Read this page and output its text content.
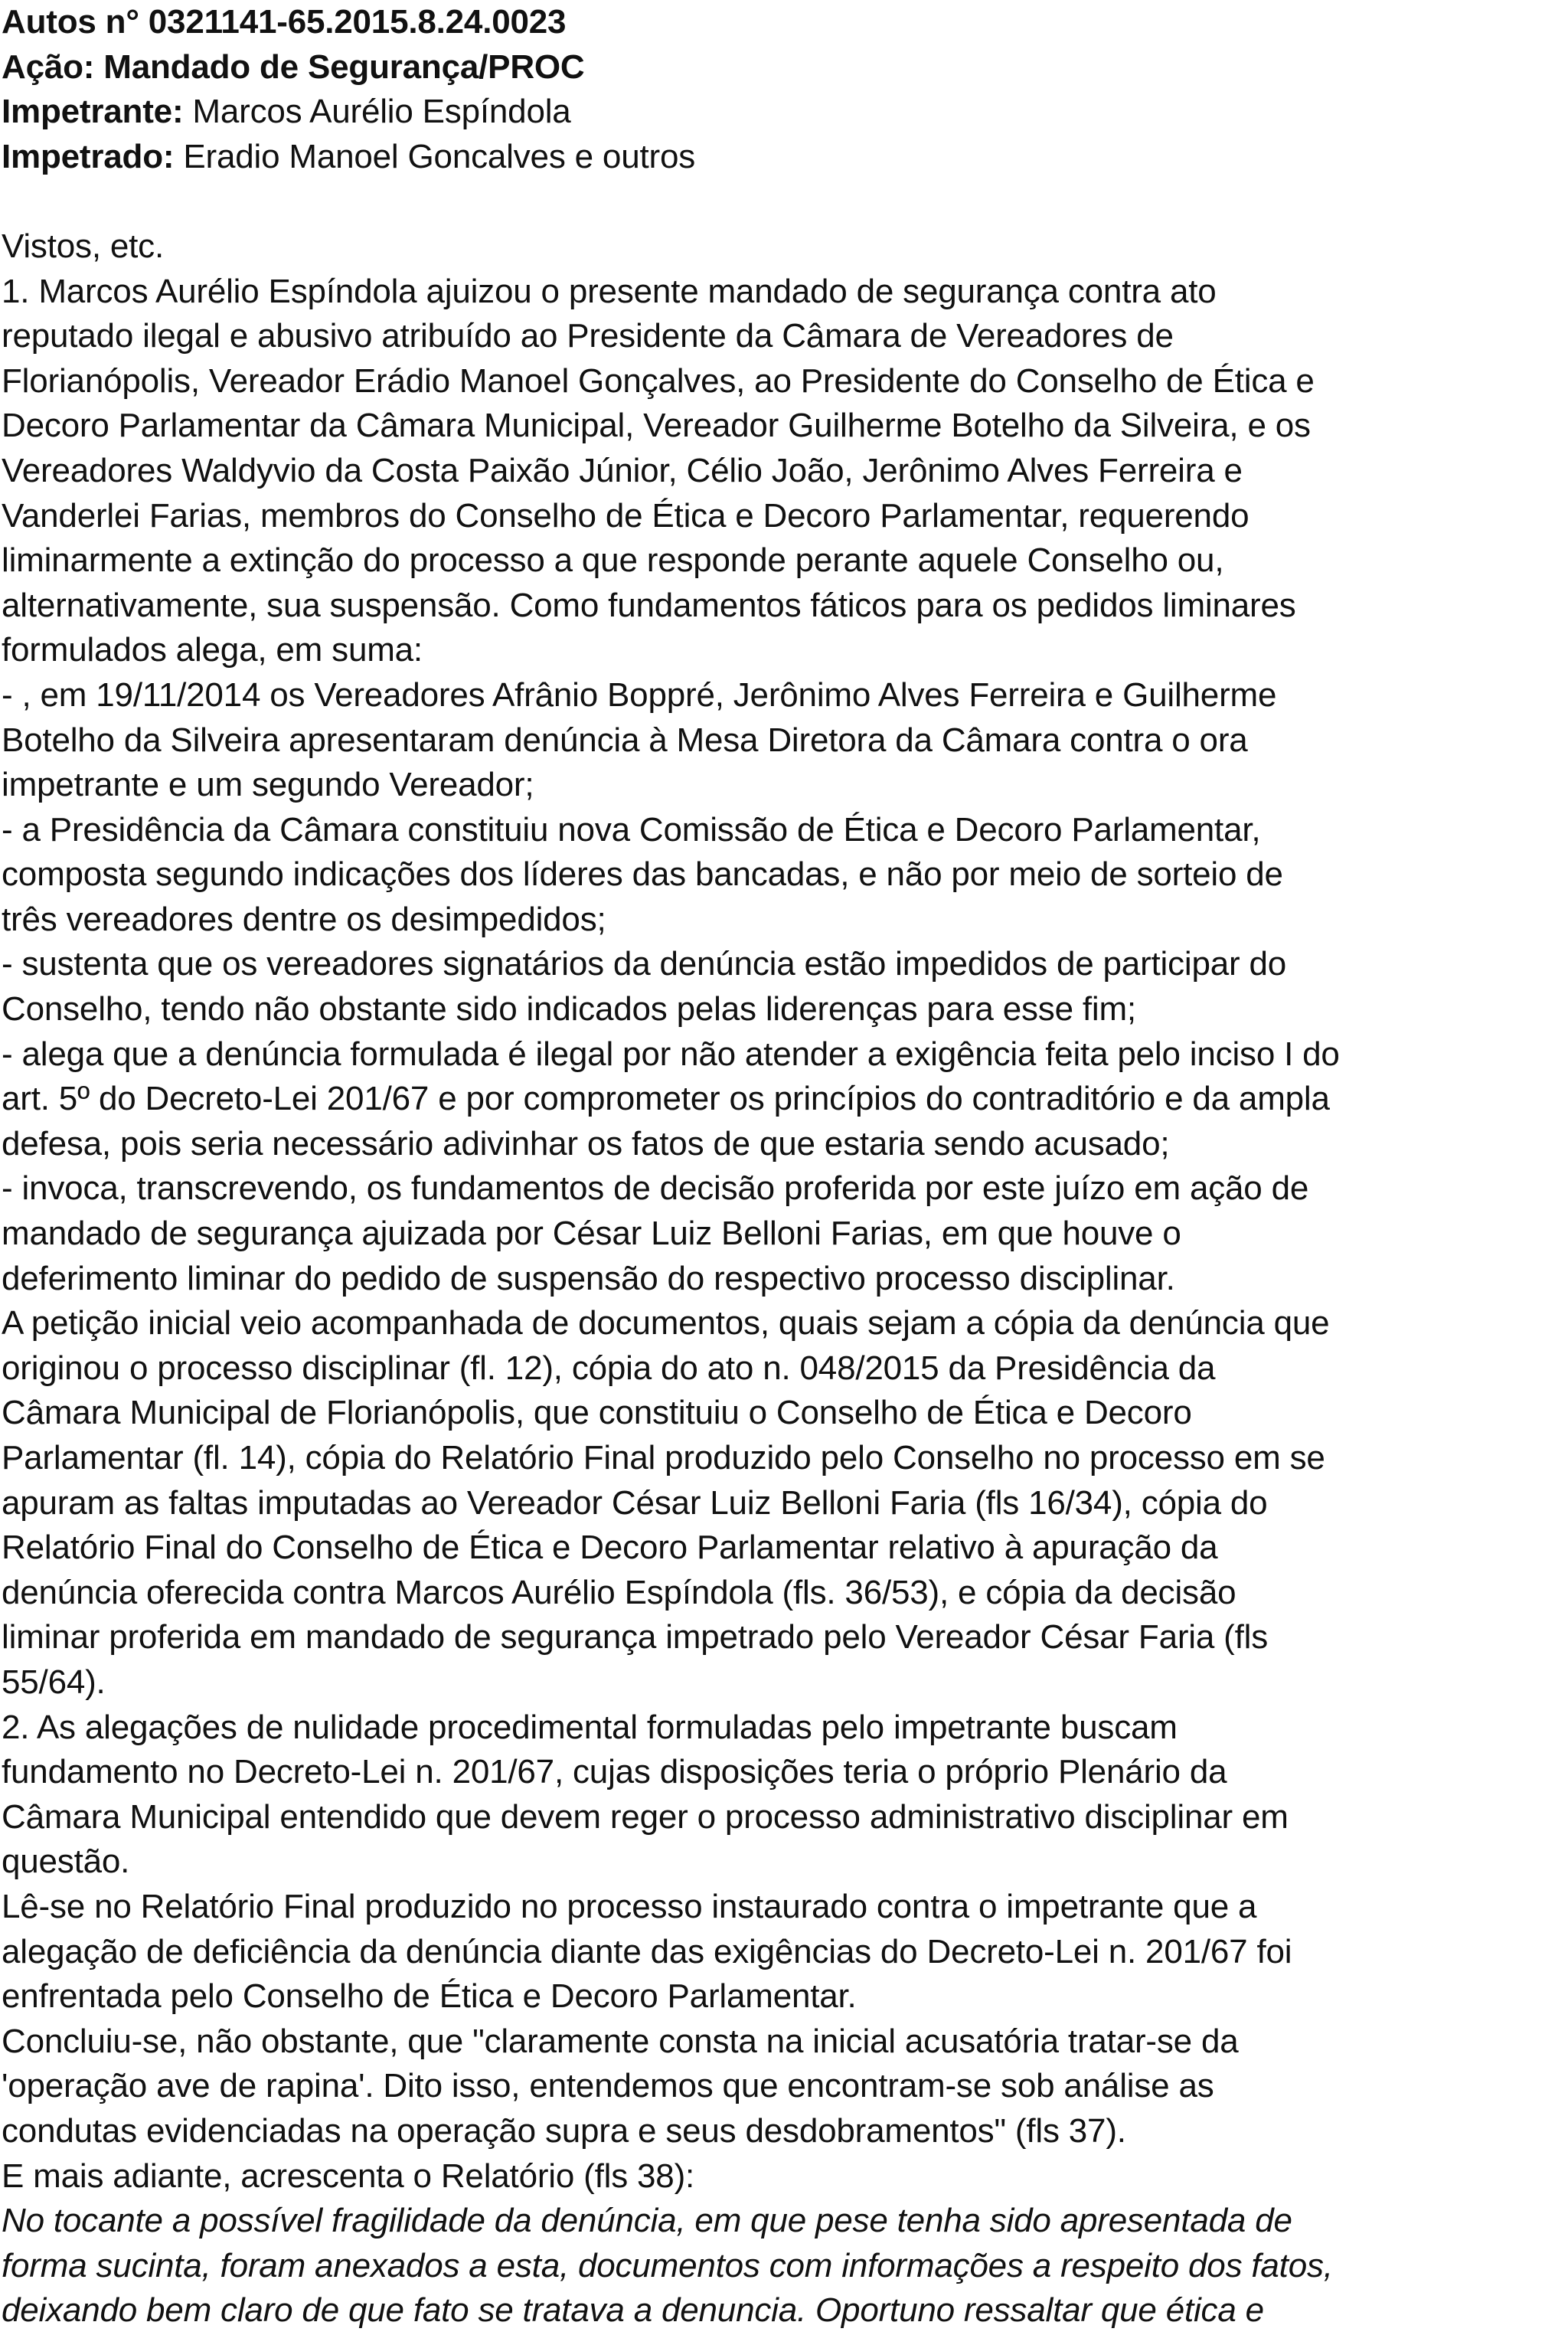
Autos n° 0321141-65.2015.8.24.0023
Ação: Mandado de Segurança/PROC
Impetrante: Marcos Aurélio Espíndola
Impetrado: Eradio Manoel Goncalves e outros
Vistos, etc.
1. Marcos Aurélio Espíndola ajuizou o presente mandado de segurança contra ato
reputado ilegal e abusivo atribuído ao Presidente da Câmara de Vereadores de
Florianópolis, Vereador Erádio Manoel Gonçalves, ao Presidente do Conselho de Ética e
Decoro Parlamentar da Câmara Municipal, Vereador Guilherme Botelho da Silveira, e os
Vereadores Waldyvio da Costa Paixão Júnior, Célio João, Jerônimo Alves Ferreira e
Vanderlei Farias, membros do Conselho de Ética e Decoro Parlamentar, requerendo
liminarmente a extinção do processo a que responde perante aquele Conselho ou,
alternativamente, sua suspensão. Como fundamentos fáticos para os pedidos liminares
formulados alega, em suma:
- , em 19/11/2014 os Vereadores Afrânio Boppré, Jerônimo Alves Ferreira e Guilherme
Botelho da Silveira apresentaram denúncia à Mesa Diretora da Câmara contra o ora
impetrante e um segundo Vereador;
- a Presidência da Câmara constituiu nova Comissão de Ética e Decoro Parlamentar,
composta segundo indicações dos líderes das bancadas, e não por meio de sorteio de
três vereadores dentre os desimpedidos;
- sustenta que os vereadores signatários da denúncia estão impedidos de participar do
Conselho, tendo não obstante sido indicados pelas liderenças para esse fim;
- alega que a denúncia formulada é ilegal por não atender a exigência feita pelo inciso I do
art. 5º do Decreto-Lei 201/67 e por comprometer os princípios do contraditório e da ampla
defesa, pois seria necessário adivinhar os fatos de que estaria sendo acusado;
- invoca, transcrevendo, os fundamentos de decisão proferida por este juízo em ação de
mandado de segurança ajuizada por César Luiz Belloni Farias, em que houve o
deferimento liminar do pedido de suspensão do respectivo processo disciplinar.
A petição inicial veio acompanhada de documentos, quais sejam a cópia da denúncia que
originou o processo disciplinar (fl. 12), cópia do ato n. 048/2015 da Presidência da
Câmara Municipal de Florianópolis, que constituiu o Conselho de Ética e Decoro
Parlamentar (fl. 14), cópia do Relatório Final produzido pelo Conselho no processo em se
apuram as faltas imputadas ao Vereador César Luiz Belloni Faria (fls 16/34), cópia do
Relatório Final do Conselho de Ética e Decoro Parlamentar relativo à apuração da
denúncia oferecida contra Marcos Aurélio Espíndola (fls. 36/53), e cópia da decisão
liminar proferida em mandado de segurança impetrado pelo Vereador César Faria (fls
55/64).
2. As alegações de nulidade procedimental formuladas pelo impetrante buscam
fundamento no Decreto-Lei n. 201/67, cujas disposições teria o próprio Plenário da
Câmara Municipal entendido que devem reger o processo administrativo disciplinar em
questão.
Lê-se no Relatório Final produzido no processo instaurado contra o impetrante que a
alegação de deficiência da denúncia diante das exigências do Decreto-Lei n. 201/67 foi
enfrentada pelo Conselho de Ética e Decoro Parlamentar.
Concluiu-se, não obstante, que "claramente consta na inicial acusatória tratar-se da
'operação ave de rapina'. Dito isso, entendemos que encontram-se sob análise as
condutas evidenciadas na operação supra e seus desdobramentos" (fls 37).
E mais adiante, acrescenta o Relatório (fls 38):
No tocante a possível fragilidade da denúncia, em que pese tenha sido apresentada de
forma sucinta, foram anexados a esta, documentos com informações a respeito dos fatos,
deixando bem claro de que fato se tratava a denuncia. Oportuno ressaltar que ética e
